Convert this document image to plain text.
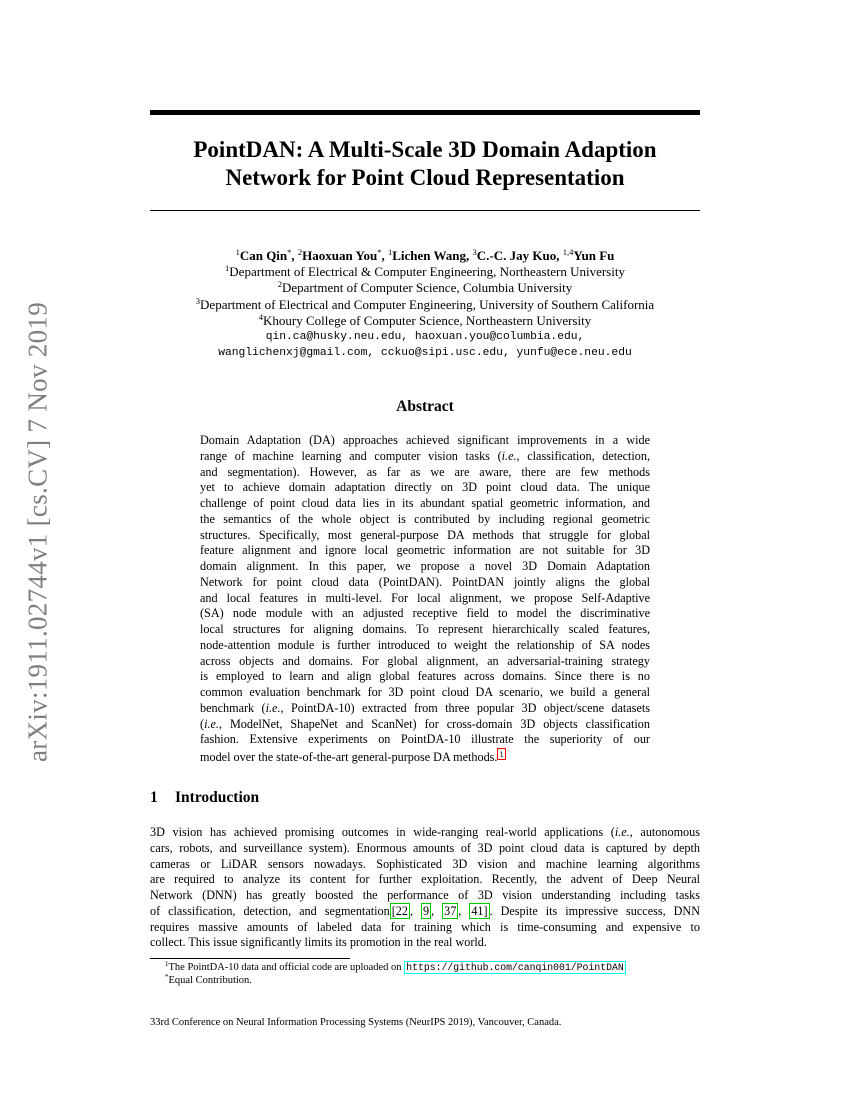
arXiv:1911.02744v1 [cs.CV] 7 Nov 2019
PointDAN: A Multi-Scale 3D Domain Adaption
Network for Point Cloud Representation
$^1$Can Qin*, $^2$Haoxuan You*, $^1$Lichen Wang, $^3$C.-C. Jay Kuo, $^{1,4}$Yun Fu
$^1$Department of Electrical & Computer Engineering, Northeastern University
$^2$Department of Computer Science, Columbia University
$^3$Department of Electrical and Computer Engineering, University of Southern California
$^4$Khoury College of Computer Science, Northeastern University
qin.ca@husky.neu.edu, haoxuan.you@columbia.edu,
wanglichenxj@gmail.com, cckuo@sipi.usc.edu, yunfu@ece.neu.edu
Abstract
Domain Adaptation (DA) approaches achieved significant improvements in a wide
range of machine learning and computer vision tasks (i.e., classification, detection,
and segmentation). However, as far as we are aware, there are few methods
yet to achieve domain adaptation directly on 3D point cloud data. The unique
challenge of point cloud data lies in its abundant spatial geometric information, and
the semantics of the whole object is contributed by including regional geometric
structures. Specifically, most general-purpose DA methods that struggle for global
feature alignment and ignore local geometric information are not suitable for 3D
domain alignment. In this paper, we propose a novel 3D Domain Adaptation
Network for point cloud data (PointDAN). PointDAN jointly aligns the global
and local features in multi-level. For local alignment, we propose Self-Adaptive
(SA) node module with an adjusted receptive field to model the discriminative
local structures for aligning domains. To represent hierarchically scaled features,
node-attention module is further introduced to weight the relationship of SA nodes
across objects and domains. For global alignment, an adversarial-training strategy
is employed to learn and align global features across domains. Since there is no
common evaluation benchmark for 3D point cloud DA scenario, we build a general
benchmark (i.e., PointDA-10) extracted from three popular 3D object/scene datasets
(i.e., ModelNet, ShapeNet and ScanNet) for cross-domain 3D objects classification
fashion. Extensive experiments on PointDA-10 illustrate the superiority of our
model over the state-of-the-art general-purpose DA methods. 1
1 Introduction
3D vision has achieved promising outcomes in wide-ranging real-world applications (i.e., autonomous
cars, robots, and surveillance system). Enormous amounts of 3D point cloud data is captured by depth
cameras or LiDAR sensors nowadays. Sophisticated 3D vision and machine learning algorithms
are required to analyze its content for further exploitation. Recently, the advent of Deep Neural
Network (DNN) has greatly boosted the performance of 3D vision understanding including tasks
of classification, detection, and segmentation [22 , 9 , 37 , 41] . Despite its impressive success, DNN
requires massive amounts of labeled data for training which is time-consuming and expensive to
collect. This issue significantly limits its promotion in the real world.
$^1$The PointDA-10 data and official code are uploaded on https://github.com/canqin001/PointDAN
*Equal Contribution.
33rd Conference on Neural Information Processing Systems (NeurIPS 2019), Vancouver, Canada.
